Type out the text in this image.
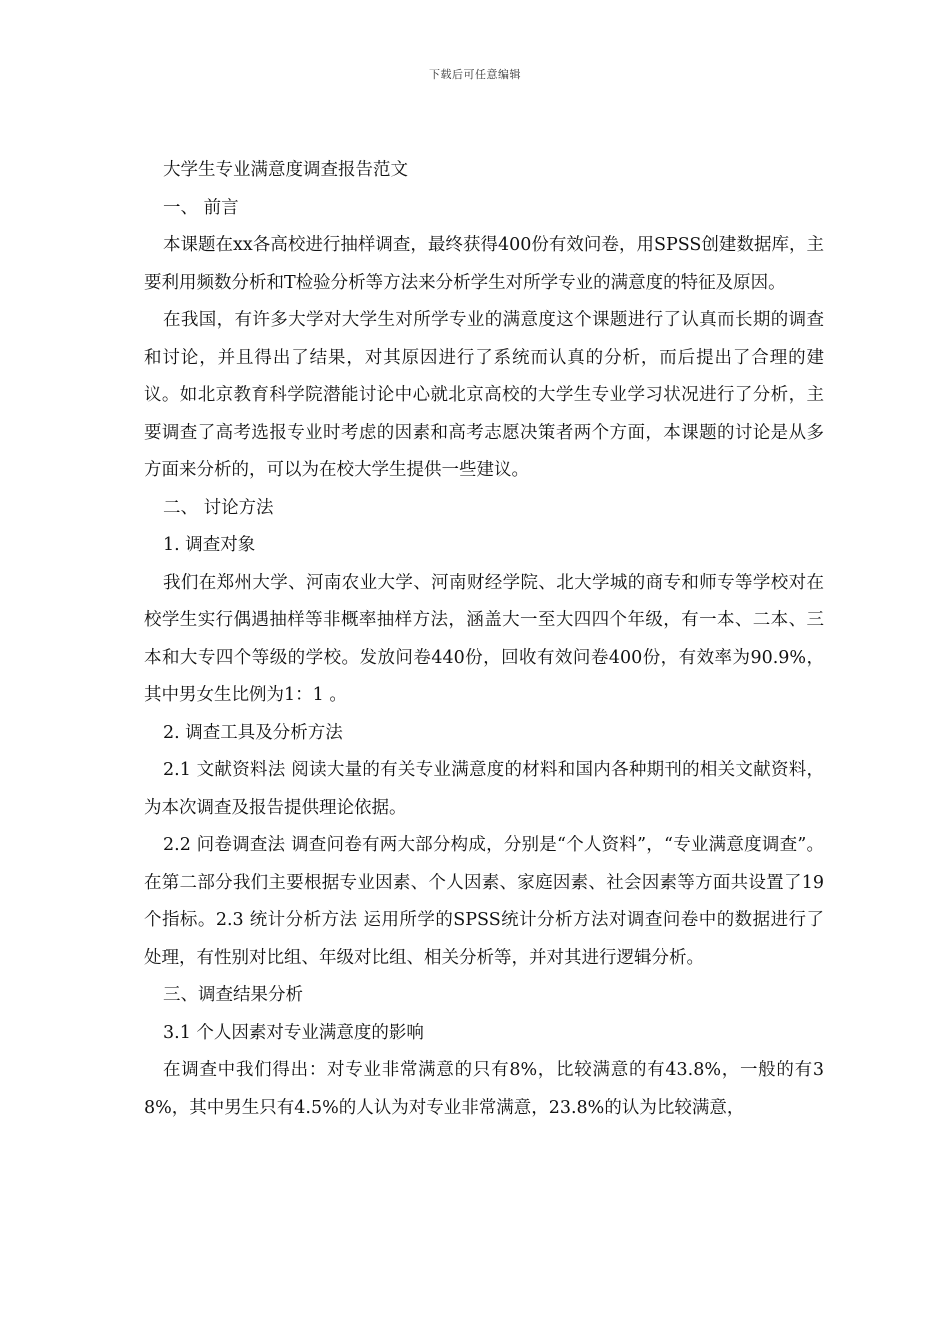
下载后可任意编辑

大学生专业满意度调查报告范文

一、 前言

本课题在xx各高校进行抽样调查，最终获得400份有效问卷，用SPSS创建数据库，主要利用频数分析和T检验分析等方法来分析学生对所学专业的满意度的特征及原因。

在我国，有许多大学对大学生对所学专业的满意度这个课题进行了认真而长期的调查和讨论，并且得出了结果，对其原因进行了系统而认真的分析，而后提出了合理的建议。如北京教育科学院潜能讨论中心就北京高校的大学生专业学习状况进行了分析，主要调查了高考选报专业时考虑的因素和高考志愿决策者两个方面，本课题的讨论是从多方面来分析的，可以为在校大学生提供一些建议。

二、 讨论方法

1. 调查对象

我们在郑州大学、河南农业大学、河南财经学院、北大学城的商专和师专等学校对在校学生实行偶遇抽样等非概率抽样方法，涵盖大一至大四四个年级，有一本、二本、三本和大专四个等级的学校。发放问卷440份，回收有效问卷400份，有效率为90.9%，其中男女生比例为1：1 。

2. 调查工具及分析方法

2.1 文献资料法 阅读大量的有关专业满意度的材料和国内各种期刊的相关文献资料，为本次调查及报告提供理论依据。

2.2 问卷调查法 调查问卷有两大部分构成，分别是“个人资料”，“专业满意度调查”。在第二部分我们主要根据专业因素、个人因素、家庭因素、社会因素等方面共设置了19个指标。2.3 统计分析方法 运用所学的SPSS统计分析方法对调查问卷中的数据进行了处理，有性别对比组、年级对比组、相关分析等，并对其进行逻辑分析。

三、调查结果分析

3.1 个人因素对专业满意度的影响

在调查中我们得出：对专业非常满意的只有8%，比较满意的有43.8%，一般的有38%，其中男生只有4.5%的人认为对专业非常满意，23.8%的认为比较满意，
